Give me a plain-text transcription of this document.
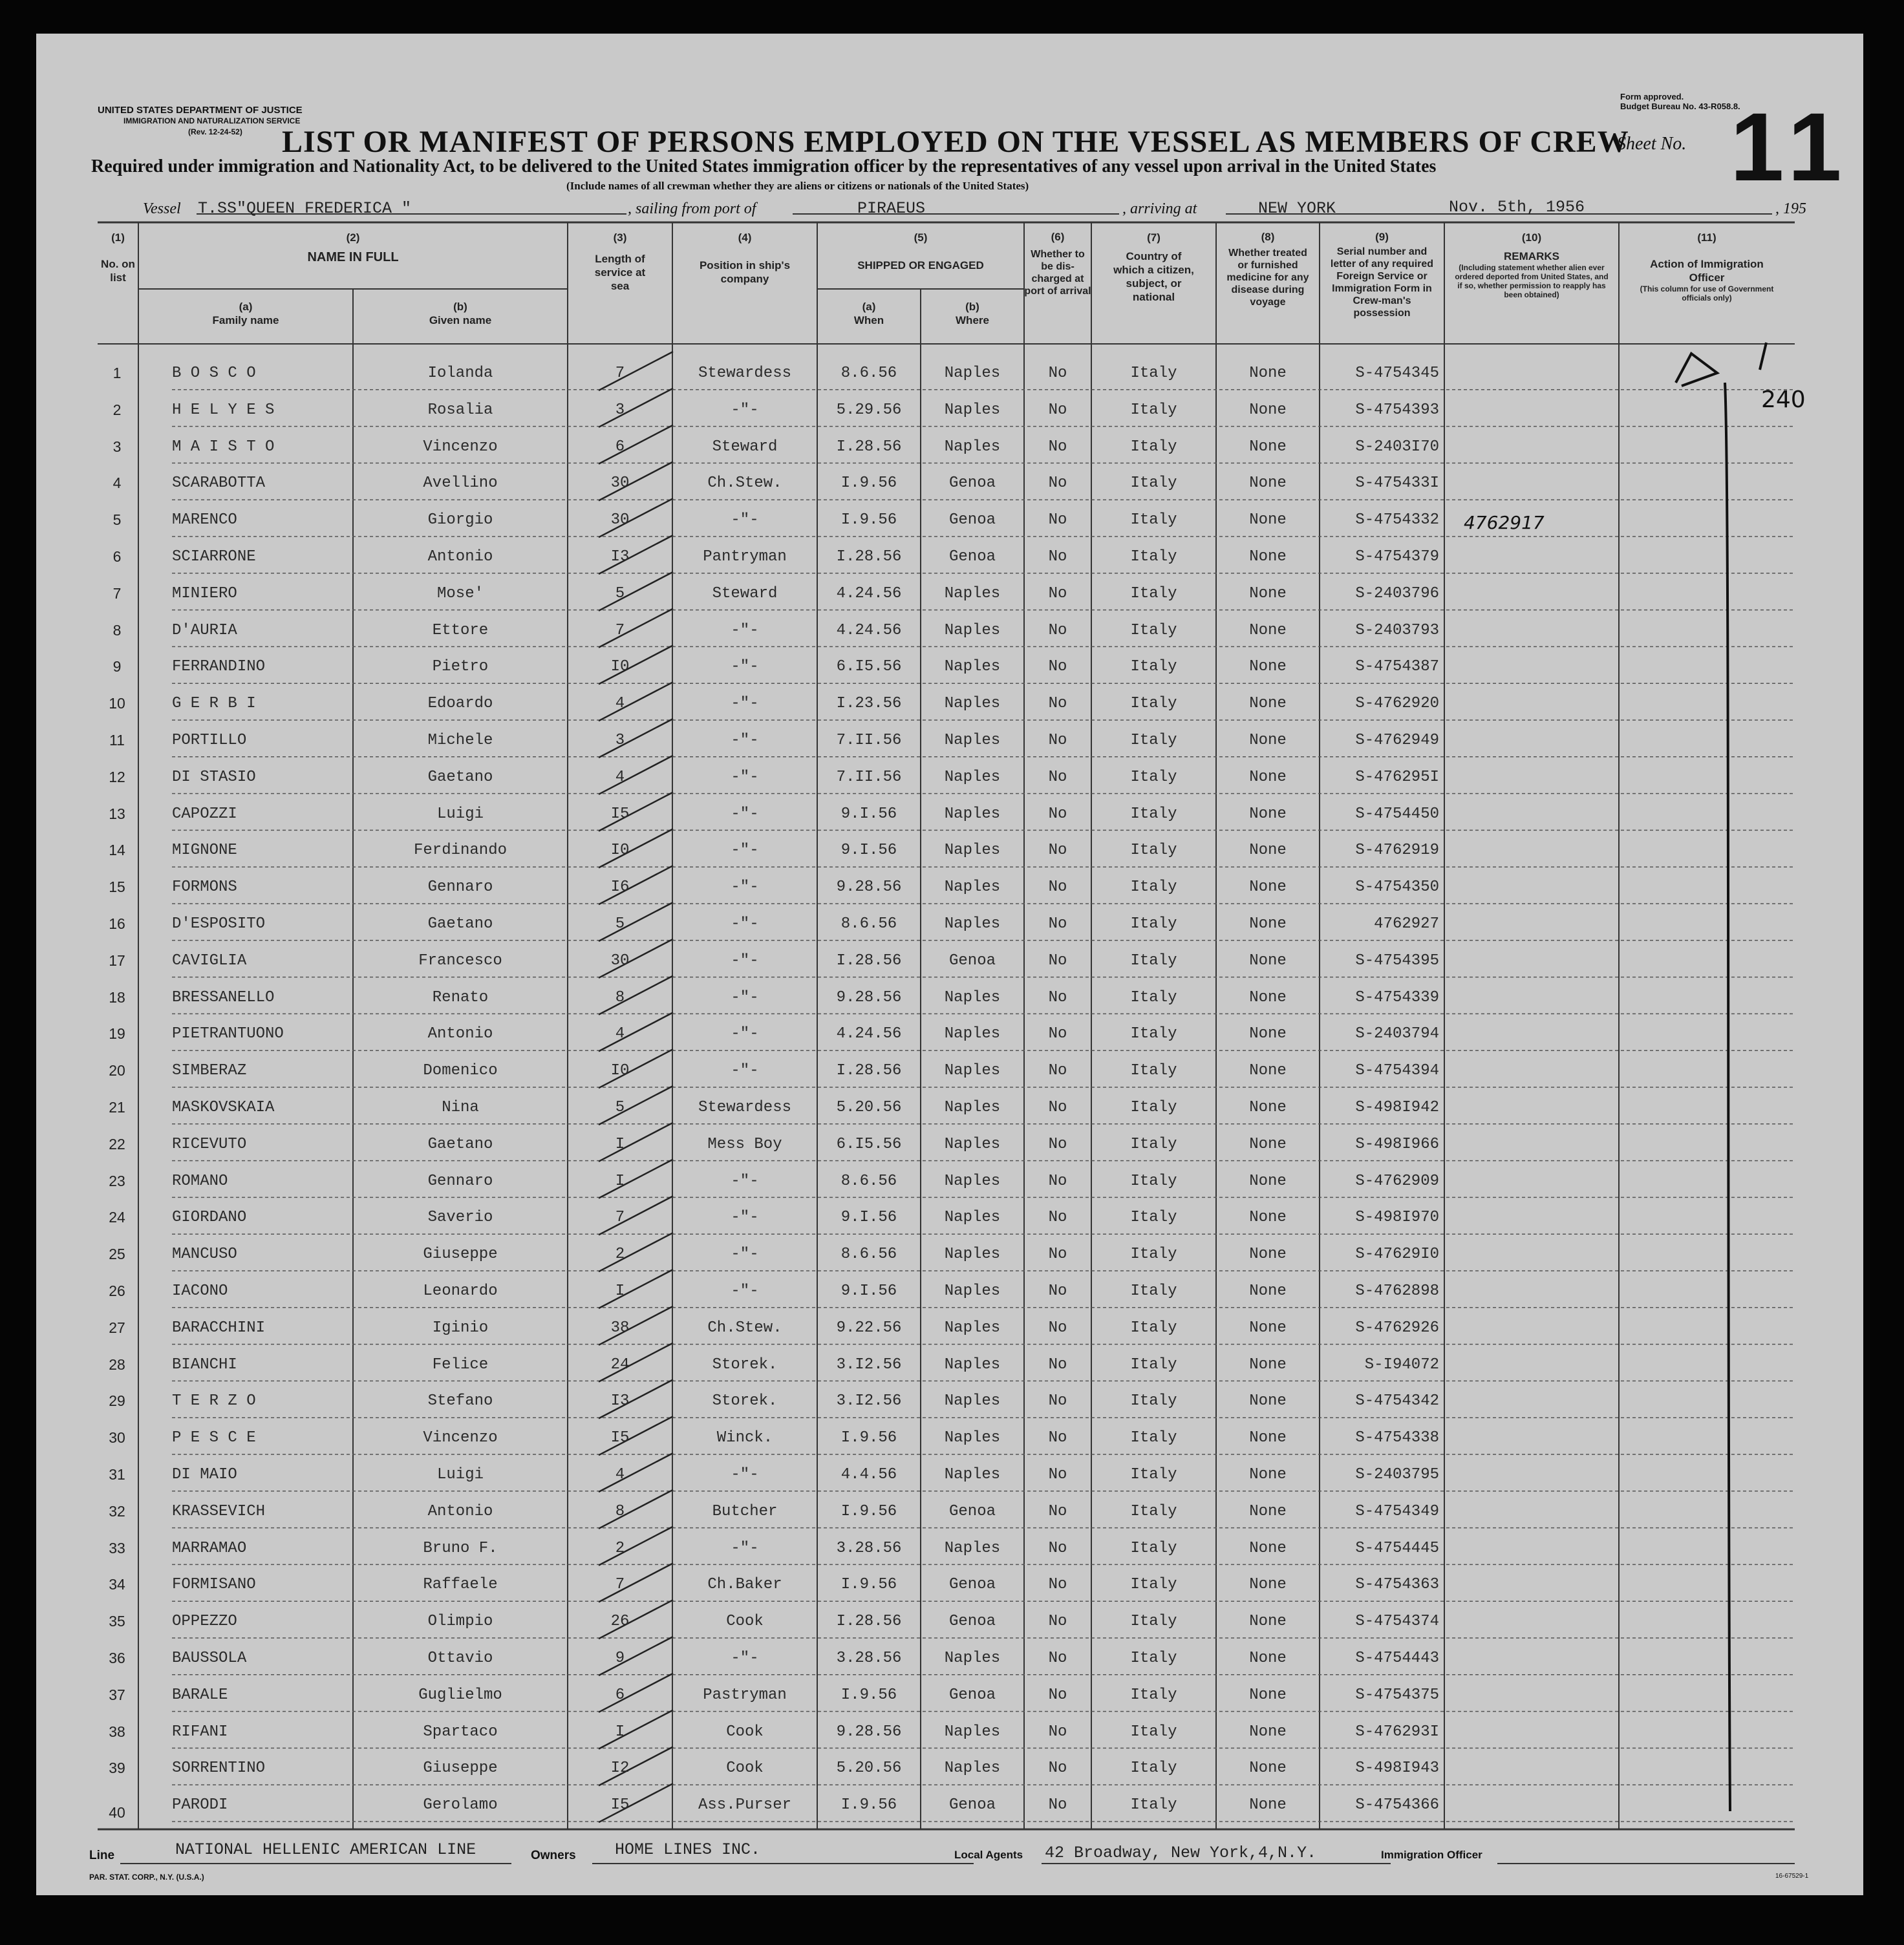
UNITED STATES DEPARTMENT OF JUSTICE
IMMIGRATION AND NATURALIZATION SERVICE
(Rev. 12-24-52)
Form approved.
Budget Bureau No. 43-R058.8.
LIST OR MANIFEST OF PERSONS EMPLOYED ON THE VESSEL AS MEMBERS OF CREW
Sheet No. 11
Required under immigration and Nationality Act, to be delivered to the United States immigration officer by the representatives of any vessel upon arrival in the United States
(Include names of all crewman whether they are aliens or citizens or nationals of the United States)
Vessel T.SS"QUEEN FREDERICA "	, sailing from port of	PIRAEUS	, arriving at	NEW YORK	Nov. 5th, 1956	, 195
(1)
No. on list
(2)
NAME IN FULL
(a)
Family name
(b)
Given name
(3)
Length of service at sea
(4)
Position in ship's company
(5)
SHIPPED OR ENGAGED
(a)
When
(b)
Where
(6)
Whether to be dis-charged at port of arrival
(7)
Country of which a citizen, subject, or national
(8)
Whether treated or furnished medicine for any disease during voyage
(9)
Serial number and letter of any required Foreign Service or Immigration Form in Crew-man's possession
(10)
REMARKS
(Including statement whether alien ever ordered deported from United States, and if so, whether permission to reapply has been obtained)
(11)
Action of Immigration Officer
(This column for use of Government officials only)
240
4762917
1	B O S C O	Iolanda	7	Stewardess	8.6.56	Naples	No	Italy	None	S-4754345
2	H E L Y E S	Rosalia	3	-"-	5.29.56	Naples	No	Italy	None	S-4754393
3	M A I S T O	Vincenzo	6	Steward	I.28.56	Naples	No	Italy	None	S-2403I70
4	SCARABOTTA	Avellino	30	Ch.Stew.	I.9.56	Genoa	No	Italy	None	S-475433I
5	MARENCO	Giorgio	30	-"-	I.9.56	Genoa	No	Italy	None	S-4754332
6	SCIARRONE	Antonio	I3	Pantryman	I.28.56	Genoa	No	Italy	None	S-4754379
7	MINIERO	Mose'	5	Steward	4.24.56	Naples	No	Italy	None	S-2403796
8	D'AURIA	Ettore	7	-"-	4.24.56	Naples	No	Italy	None	S-2403793
9	FERRANDINO	Pietro	I0	-"-	6.I5.56	Naples	No	Italy	None	S-4754387
10	G E R B I	Edoardo	4	-"-	I.23.56	Naples	No	Italy	None	S-4762920
11	PORTILLO	Michele	3	-"-	7.II.56	Naples	No	Italy	None	S-4762949
12	DI STASIO	Gaetano	4	-"-	7.II.56	Naples	No	Italy	None	S-476295I
13	CAPOZZI	Luigi	I5	-"-	9.I.56	Naples	No	Italy	None	S-4754450
14	MIGNONE	Ferdinando	I0	-"-	9.I.56	Naples	No	Italy	None	S-4762919
15	FORMONS	Gennaro	I6	-"-	9.28.56	Naples	No	Italy	None	S-4754350
16	D'ESPOSITO	Gaetano	5	-"-	8.6.56	Naples	No	Italy	None	4762927
17	CAVIGLIA	Francesco	30	-"-	I.28.56	Genoa	No	Italy	None	S-4754395
18	BRESSANELLO	Renato	8	-"-	9.28.56	Naples	No	Italy	None	S-4754339
19	PIETRANTUONO	Antonio	4	-"-	4.24.56	Naples	No	Italy	None	S-2403794
20	SIMBERAZ	Domenico	I0	-"-	I.28.56	Naples	No	Italy	None	S-4754394
21	MASKOVSKAIA	Nina	5	Stewardess	5.20.56	Naples	No	Italy	None	S-498I942
22	RICEVUTO	Gaetano	I	Mess Boy	6.I5.56	Naples	No	Italy	None	S-498I966
23	ROMANO	Gennaro	I	-"-	8.6.56	Naples	No	Italy	None	S-4762909
24	GIORDANO	Saverio	7	-"-	9.I.56	Naples	No	Italy	None	S-498I970
25	MANCUSO	Giuseppe	2	-"-	8.6.56	Naples	No	Italy	None	S-47629I0
26	IACONO	Leonardo	I	-"-	9.I.56	Naples	No	Italy	None	S-4762898
27	BARACCHINI	Iginio	38	Ch.Stew.	9.22.56	Naples	No	Italy	None	S-4762926
28	BIANCHI	Felice	24	Storek.	3.I2.56	Naples	No	Italy	None	S-I94072
29	T E R Z O	Stefano	I3	Storek.	3.I2.56	Naples	No	Italy	None	S-4754342
30	P E S C E	Vincenzo	I5	Winck.	I.9.56	Naples	No	Italy	None	S-4754338
31	DI MAIO	Luigi	4	-"-	4.4.56	Naples	No	Italy	None	S-2403795
32	KRASSEVICH	Antonio	8	Butcher	I.9.56	Genoa	No	Italy	None	S-4754349
33	MARRAMAO	Bruno F.	2	-"-	3.28.56	Naples	No	Italy	None	S-4754445
34	FORMISANO	Raffaele	7	Ch.Baker	I.9.56	Genoa	No	Italy	None	S-4754363
35	OPPEZZO	Olimpio	26	Cook	I.28.56	Genoa	No	Italy	None	S-4754374
36	BAUSSOLA	Ottavio	9	-"-	3.28.56	Naples	No	Italy	None	S-4754443
37	BARALE	Guglielmo	6	Pastryman	I.9.56	Genoa	No	Italy	None	S-4754375
38	RIFANI	Spartaco	I	Cook	9.28.56	Naples	No	Italy	None	S-476293I
39	SORRENTINO	Giuseppe	I2	Cook	5.20.56	Naples	No	Italy	None	S-498I943
40	PARODI	Gerolamo	I5	Ass.Purser	I.9.56	Genoa	No	Italy	None	S-4754366
Line	NATIONAL HELLENIC AMERICAN LINE	Owners HOME LINES INC.	Local Agents 42 Broadway, New York,4,N.Y.	Immigration Officer
PAR. STAT. CORP., N.Y. (U.S.A.)	16-67529-1
